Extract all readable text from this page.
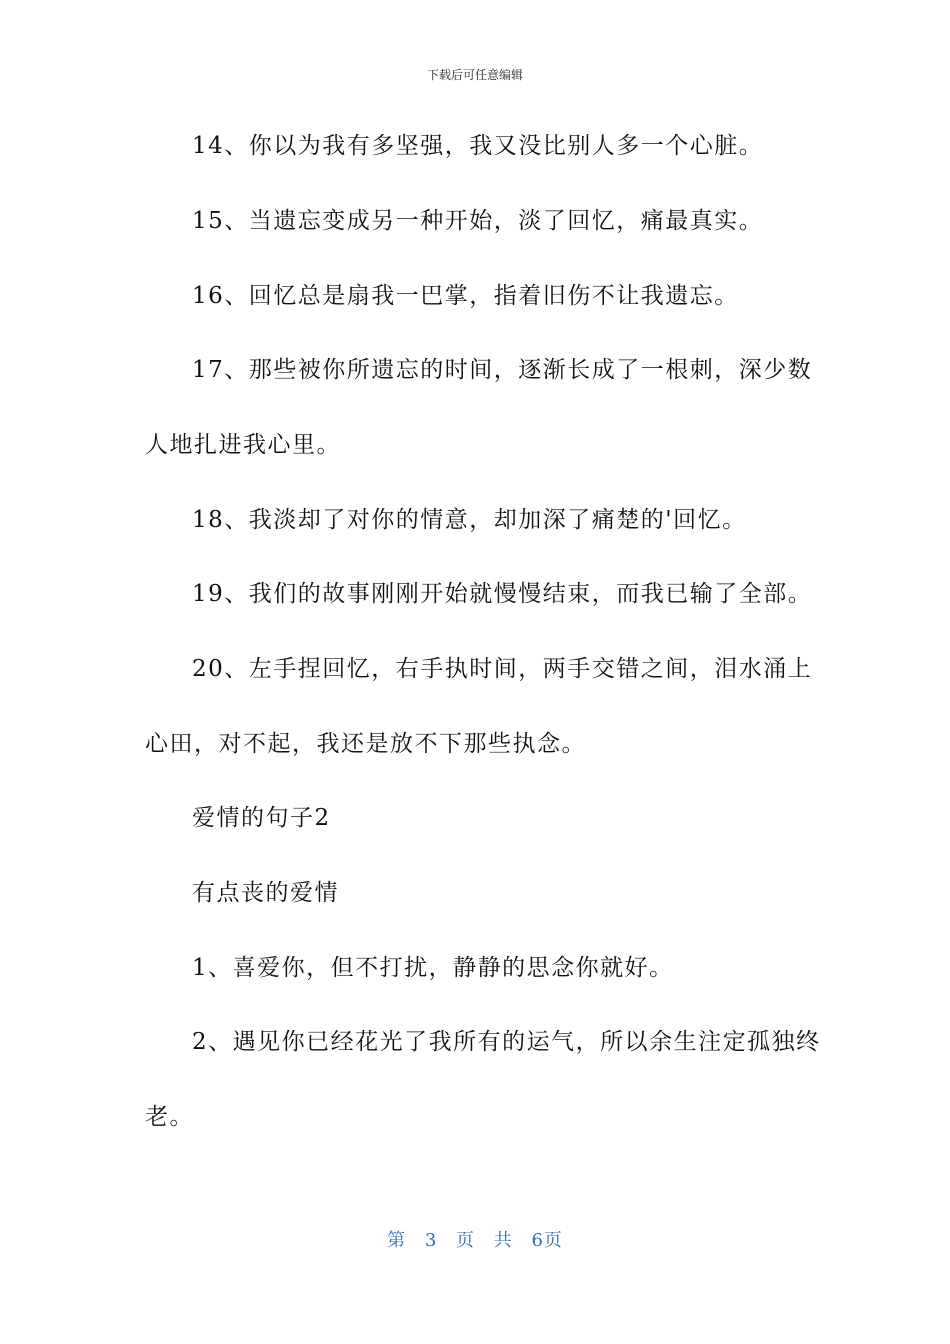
下载后可任意编辑
14、你以为我有多坚强，我又没比别人多一个心脏。
15、当遗忘变成另一种开始，淡了回忆，痛最真实。
16、回忆总是扇我一巴掌，指着旧伤不让我遗忘。
17、那些被你所遗忘的时间，逐渐长成了一根刺，深少数
人地扎进我心里。
18、我淡却了对你的情意，却加深了痛楚的'回忆。
19、我们的故事刚刚开始就慢慢结束，而我已输了全部。
20、左手捏回忆，右手执时间，两手交错之间，泪水涌上
心田，对不起，我还是放不下那些执念。
爱情的句子2
有点丧的爱情
1、喜爱你，但不打扰，静静的思念你就好。
2、遇见你已经花光了我所有的运气，所以余生注定孤独终
老。
第 3 页 共 6页
